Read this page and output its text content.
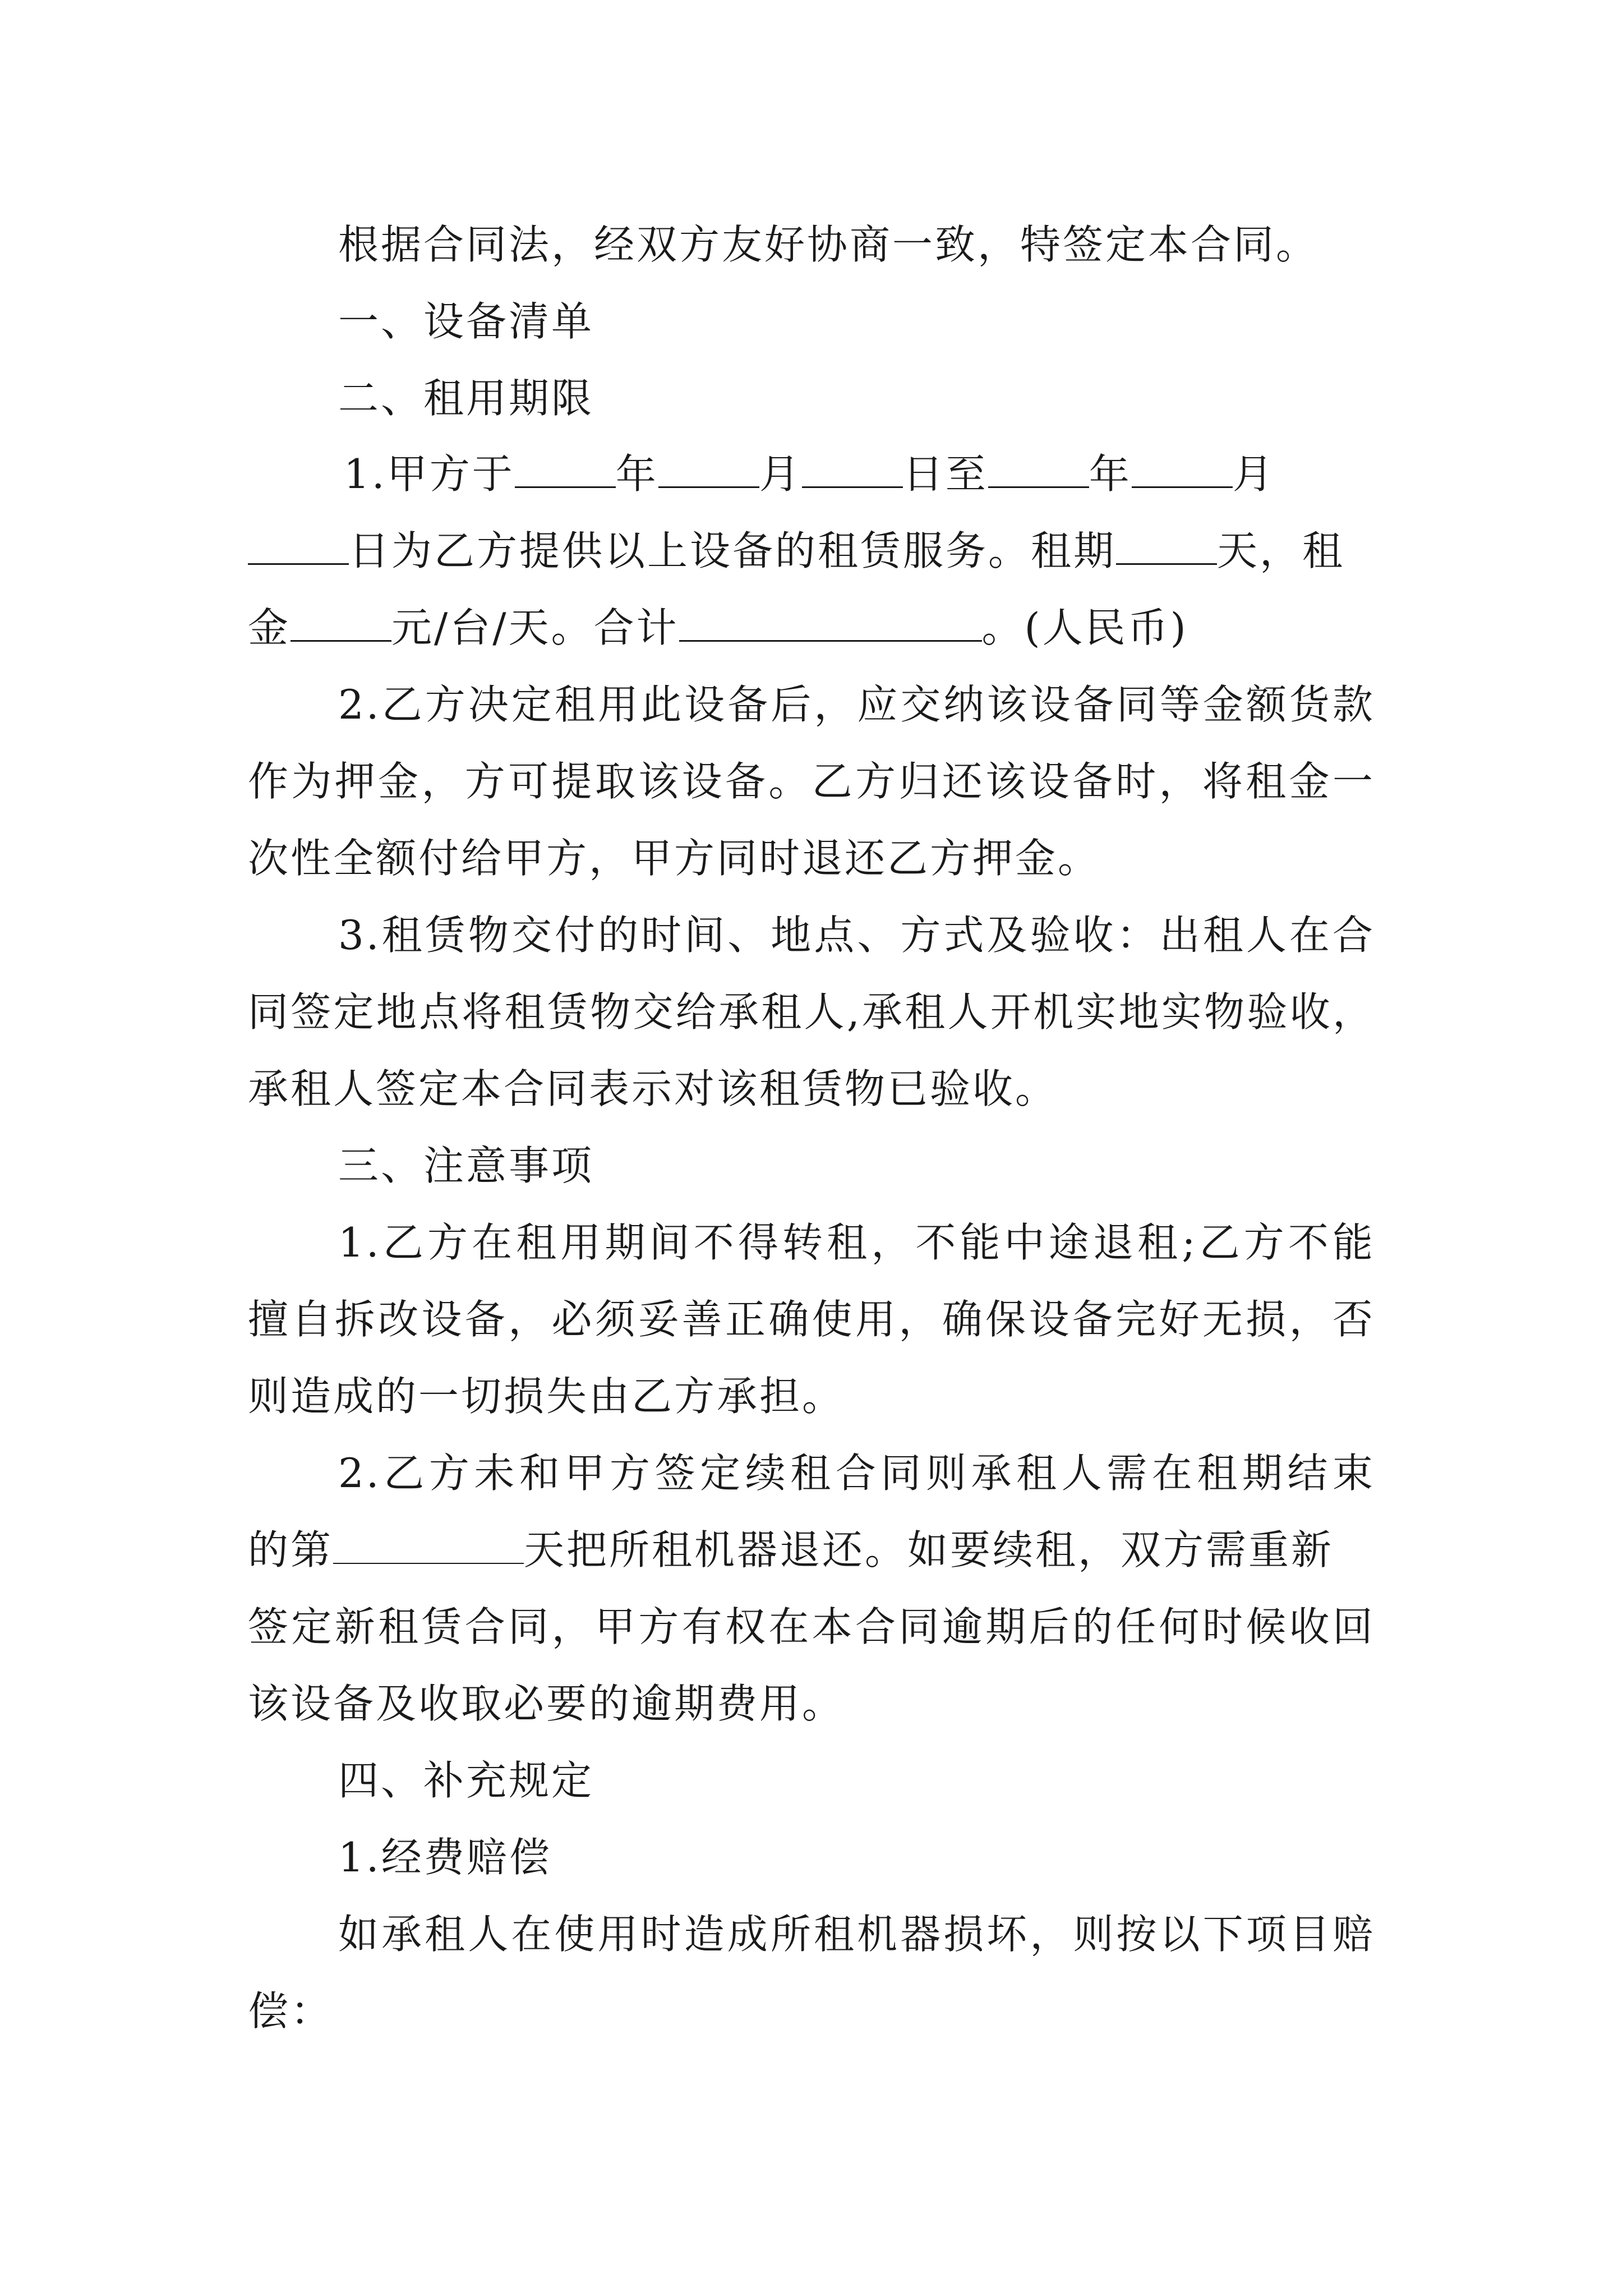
根据合同法，经双方友好协商一致，特签定本合同。
一、设备清单
二、租用期限
1.甲方于	年	月	日至	年	月
日为乙方提供以上设备的租赁服务。租期	天，租
金	元/台/天。合计	。(人民币)
2.乙方决定租用此设备后，应交纳该设备同等金额货款
作为押金，方可提取该设备。乙方归还该设备时，将租金一
次性全额付给甲方，甲方同时退还乙方押金。
3.租赁物交付的时间、地点、方式及验收：出租人在合
同签定地点将租赁物交给承租人,承租人开机实地实物验收，
承租人签定本合同表示对该租赁物已验收。
三、注意事项
1.乙方在租用期间不得转租，不能中途退租;乙方不能
擅自拆改设备，必须妥善正确使用，确保设备完好无损，否
则造成的一切损失由乙方承担。
2.乙方未和甲方签定续租合同则承租人需在租期结束
的第	天把所租机器退还。如要续租，双方需重新
签定新租赁合同，甲方有权在本合同逾期后的任何时候收回
该设备及收取必要的逾期费用。
四、补充规定
1.经费赔偿
如承租人在使用时造成所租机器损坏，则按以下项目赔
偿：
